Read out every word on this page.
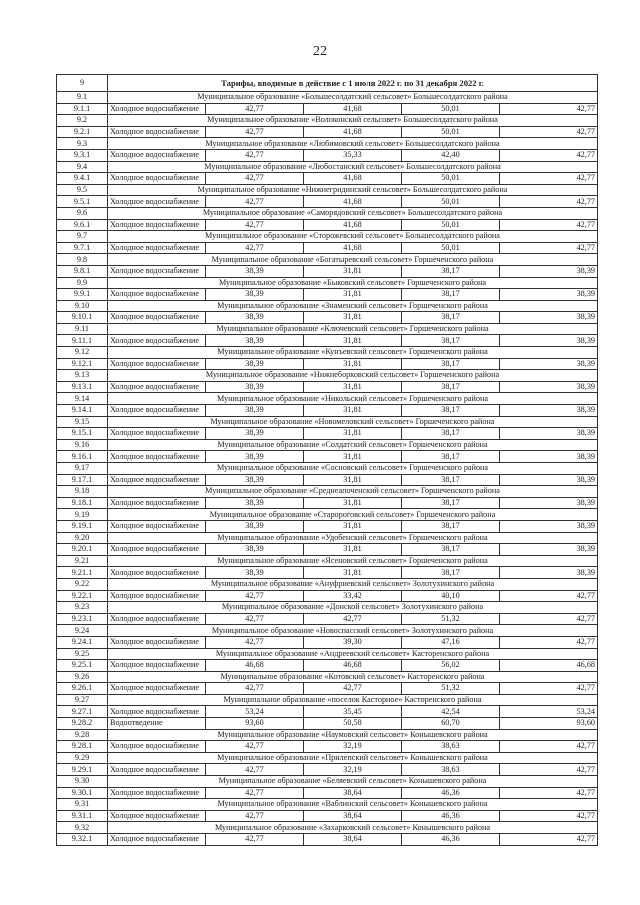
22
9	Тарифы, вводимые в действие с 1 июля 2022 г. по 31 декабря 2022 г.				
9.1	Муниципальное образование «Большесолдатский сельсовет» Большесолдатского района				
9.1.1	Холодное водоснабжение	42,77	41,68	50,01	42,77
9.2	Муниципальное образование «Волоконский сельсовет» Большесолдатского района				
9.2.1	Холодное водоснабжение	42,77	41,68	50,01	42,77
9.3	Муниципальное образование «Любимовский сельсовет» Большесолдатского района				
9.3.1	Холодное водоснабжение	42,77	35,33	42,40	42,77
9.4	Муниципальное образование «Любостанский сельсовет» Большесолдатского района				
9.4.1	Холодное водоснабжение	42,77	41,68	50,01	42,77
9.5	Муниципальное образование «Нижнегридинский сельсовет» Большесолдатского района				
9.5.1	Холодное водоснабжение	42,77	41,68	50,01	42,77
9.6	Муниципальное образование «Саморядовский сельсовет» Большесолдатского района				
9.6.1	Холодное водоснабжение	42,77	41,68	50,01	42,77
9.7	Муниципальное образование «Сторожевский сельсовет» Большесолдатского района				
9.7.1	Холодное водоснабжение	42,77	41,68	50,01	42,77
9.8	Муниципальное образование «Богатыревский сельсовет» Горшеченского района				
9.8.1	Холодное водоснабжение	38,39	31,81	38,17	38,39
9.9	Муниципальное образование «Быковский сельсовет» Горшеченского района				
9.9.1	Холодное водоснабжение	38,39	31,81	38,17	38,39
9.10	Муниципальное образование «Знаменский сельсовет» Горшеченского района				
9.10.1	Холодное водоснабжение	38,39	31,81	38,17	38,39
9.11	Муниципальное образование «Ключевский сельсовет» Горшеченского района				
9.11.1	Холодное водоснабжение	38,39	31,81	38,17	38,39
9.12	Муниципальное образование «Кунъевский сельсовет» Горшеченского района				
9.12.1	Холодное водоснабжение	38,39	31,81	38,17	38,39
9.13	Муниципальное образование «Нижнеборковский сельсовет» Горшеченского района				
9.13.1	Холодное водоснабжение	38,39	31,81	38,17	38,39
9.14	Муниципальное образование «Никольский сельсовет» Горшеченского района				
9.14.1	Холодное водоснабжение	38,39	31,81	38,17	38,39
9.15	Муниципальное образование «Новомеловский сельсовет» Горшеченского района				
9.15.1	Холодное водоснабжение	38,39	31,81	38,17	38,39
9.16	Муниципальное образование «Солдатский сельсовет» Горшеченского района				
9.16.1	Холодное водоснабжение	38,39	31,81	38,17	38,39
9.17	Муниципальное образование «Сосновский сельсовет» Горшеченского района				
9.17.1	Холодное водоснабжение	38,39	31,81	38,17	38,39
9.18	Муниципальное образование «Среднеапоченский сельсовет» Горшеченского района				
9.18.1	Холодное водоснабжение	38,39	31,81	38,17	38,39
9.19	Муниципальное образование «Старороговский сельсовет» Горшеченского района				
9.19.1	Холодное водоснабжение	38,39	31,81	38,17	38,39
9.20	Муниципальное образование «Удобенский сельсовет» Горшеченского района				
9.20.1	Холодное водоснабжение	38,39	31,81	38,17	38,39
9.21	Муниципальное образование «Ясеновский сельсовет» Горшеченского района				
9.21.1	Холодное водоснабжение	38,39	31,81	38,17	38,39
9.22	Муниципальное образование «Ануфриевский сельсовет» Золотухинского района				
9.22.1	Холодное водоснабжение	42,77	33,42	40,10	42,77
9.23	Муниципальное образование «Донской сельсовет» Золотухинского района				
9.23.1	Холодное водоснабжение	42,77	42,77	51,32	42,77
9.24	Муниципальное образование «Новоспасский сельсовет» Золотухинского района				
9.24.1	Холодное водоснабжение	42,77	39,30	47,16	42,77
9.25	Муниципальное образование «Андреевский сельсовет» Касторенского района				
9.25.1	Холодное водоснабжение	46,68	46,68	56,02	46,68
9.26	Муниципальное образование «Котовский сельсовет» Касторенского района				
9.26.1	Холодное водоснабжение	42,77	42,77	51,32	42,77
9.27	Муниципальное образование «поселок Касторное» Касторенского района				
9.27.1	Холодное водоснабжение	53,24	35,45	42,54	53,24
9.28.2	Водоотведение	93,60	50,58	60,70	93,60
9.28	Муниципальное образование «Наумовский сельсовет» Конышевского района				
9.28.1	Холодное водоснабжение	42,77	32,19	38,63	42,77
9.29	Муниципальное образование «Прилепский сельсовет» Конышевского района				
9.29.1	Холодное водоснабжение	42,77	32,19	38,63	42,77
9.30	Муниципальное образование «Беляевский сельсовет» Конышевского района				
9.30.1	Холодное водоснабжение	42,77	38,64	46,36	42,77
9.31	Муниципальное образование «Ваблинский сельсовет» Конышевского района				
9.31.1	Холодное водоснабжение	42,77	38,64	46,36	42,77
9.32	Муниципальное образование «Захарковский сельсовет» Конышевского района				
9.32.1	Холодное водоснабжение	42,77	38,64	46,36	42,77
